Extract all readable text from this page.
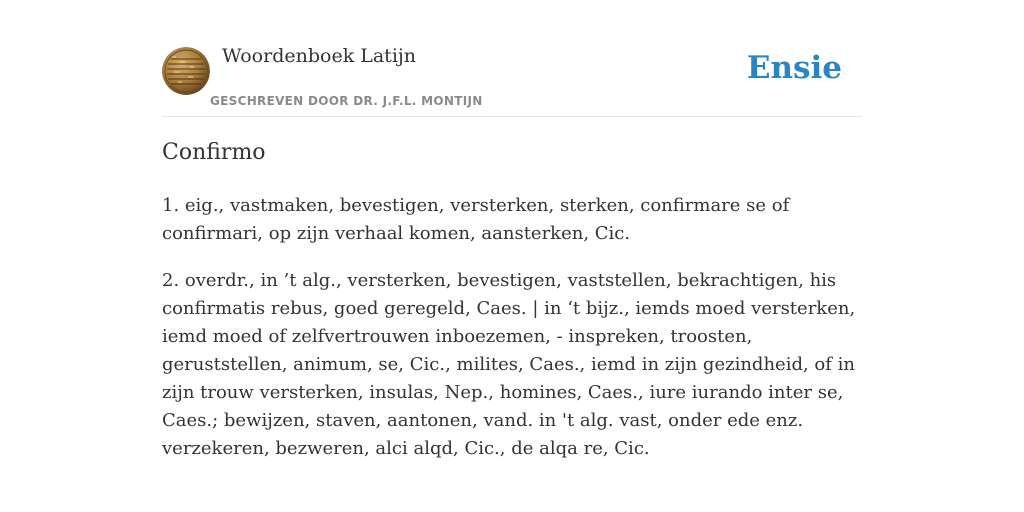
Woordenboek Latijn
GESCHREVEN DOOR DR. J.F.L. MONTIJN
Ensie
Confirmo

1. eig., vastmaken, bevestigen, versterken, sterken, confirmare se of confirmari, op zijn verhaal komen, aansterken, Cic.

2. overdr., in ’t alg., versterken, bevestigen, vaststellen, bekrachtigen, his confirmatis rebus, goed geregeld, Caes. | in ‘t bijz., iemds moed versterken, iemd moed of zelfvertrouwen inboezemen, - inspreken, troosten, geruststellen, animum, se, Cic., milites, Caes., iemd in zijn gezindheid, of in zijn trouw versterken, insulas, Nep., homines, Caes., iure iurando inter se, Caes.; bewijzen, staven, aantonen, vand. in 't alg. vast, onder ede enz. verzekeren, bezweren, alci alqd, Cic., de alqa re, Cic.
